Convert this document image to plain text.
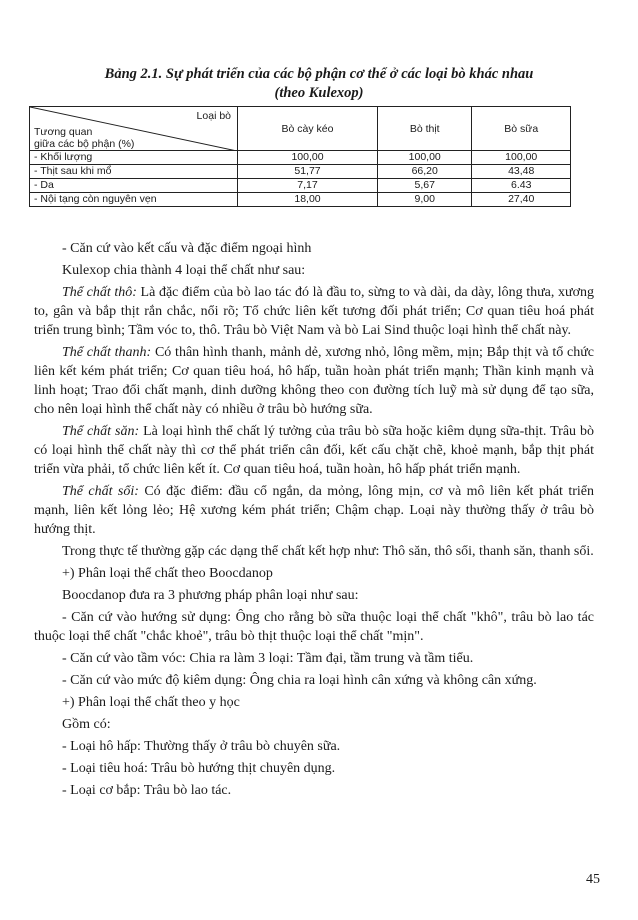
Bảng 2.1. Sự phát triển của các bộ phận cơ thể ở các loại bò khác nhau
(theo Kulexop)
Loại bò
Tương quan
giữa các bộ phận (%)	Bò cày kéo	Bò thịt	Bò sữa
- Khối lượng	100,00	100,00	100,00
- Thịt sau khi mổ	51,77	66,20	43,48
- Da	7,17	5,67	6.43
- Nội tạng còn nguyên vẹn	18,00	9,00	27,40

- Căn cứ vào kết cấu và đặc điểm ngoại hình

Kulexop chia thành 4 loại thể chất như sau:

Thể chất thô: Là đặc điểm của bò lao tác đó là đầu to, sừng to và dài, da dày, lông thưa, xương to, gân và bắp thịt rắn chắc, nổi rõ; Tổ chức liên kết tương đối phát triển; Cơ quan tiêu hoá phát triển trung bình; Tầm vóc to, thô. Trâu bò Việt Nam và bò Lai Sind thuộc loại hình thể chất này.

Thể chất thanh: Có thân hình thanh, mảnh dẻ, xương nhỏ, lông mềm, mịn; Bắp thịt và tổ chức liên kết kém phát triển; Cơ quan tiêu hoá, hô hấp, tuần hoàn phát triển mạnh; Thần kinh mạnh và linh hoạt; Trao đổi chất mạnh, dinh dưỡng không theo con đường tích luỹ mà sử dụng để tạo sữa, cho nên loại hình thể chất này có nhiều ở trâu bò hướng sữa.

Thể chất săn: Là loại hình thể chất lý tưởng của trâu bò sữa hoặc kiêm dụng sữa-thịt. Trâu bò có loại hình thể chất này thì cơ thể phát triển cân đối, kết cấu chặt chẽ, khoẻ mạnh, bắp thịt phát triển vừa phải, tổ chức liên kết ít. Cơ quan tiêu hoá, tuần hoàn, hô hấp phát triển mạnh.

Thể chất sổi: Có đặc điểm: đầu cổ ngắn, da mỏng, lông mịn, cơ và mô liên kết phát triển mạnh, liên kết lỏng lẻo; Hệ xương kém phát triển; Chậm chạp. Loại này thường thấy ở trâu bò hướng thịt.

Trong thực tế thường gặp các dạng thể chất kết hợp như: Thô săn, thô sổi, thanh săn, thanh sổi.

+) Phân loại thể chất theo Boocdanop

Boocdanop đưa ra 3 phương pháp phân loại như sau:

- Căn cứ vào hướng sử dụng: Ông cho rằng bò sữa thuộc loại thể chất "khô", trâu bò lao tác thuộc loại thể chất "chắc khoẻ", trâu bò thịt thuộc loại thể chất "mịn".

- Căn cứ vào tầm vóc: Chia ra làm 3 loại: Tầm đại, tầm trung và tầm tiểu.

- Căn cứ vào mức độ kiêm dụng: Ông chia ra loại hình cân xứng và không cân xứng.

+) Phân loại thể chất theo y học

Gồm có:

- Loại hô hấp: Thường thấy ở trâu bò chuyên sữa.

- Loại tiêu hoá: Trâu bò hướng thịt chuyên dụng.

- Loại cơ bắp: Trâu bò lao tác.

45
